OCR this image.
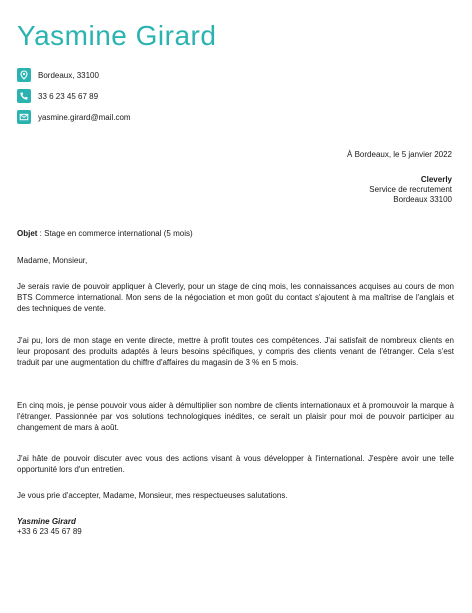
Yasmine Girard
Bordeaux, 33100
33 6 23 45 67 89
yasmine.girard@mail.com
À Bordeaux, le 5 janvier 2022
Cleverly
Service de recrutement
Bordeaux 33100
Objet : Stage en commerce international (5 mois)
Madame, Monsieur,
Je serais ravie de pouvoir appliquer à Cleverly, pour un stage de cinq mois, les connaissances acquises au cours de mon BTS Commerce international. Mon sens de la négociation et mon goût du contact s'ajoutent à ma maîtrise de l'anglais et des techniques de vente.
J'ai pu, lors de mon stage en vente directe, mettre à profit toutes ces compétences. J'ai satisfait de nombreux clients en leur proposant des produits adaptés à leurs besoins spécifiques, y compris des clients venant de l'étranger. Cela s'est traduit par une augmentation du chiffre d'affaires du magasin de 3 % en 5 mois.
En cinq mois, je pense pouvoir vous aider à démultiplier son nombre de clients internationaux et à promouvoir la marque à l'étranger. Passionnée par vos solutions technologiques inédites, ce serait un plaisir pour moi de pouvoir participer au changement de mars à août.
J'ai hâte de pouvoir discuter avec vous des actions visant à vous développer à l'international. J'espère avoir une telle opportunité lors d'un entretien.
Je vous prie d'accepter, Madame, Monsieur, mes respectueuses salutations.
Yasmine Girard
+33 6 23 45 67 89
